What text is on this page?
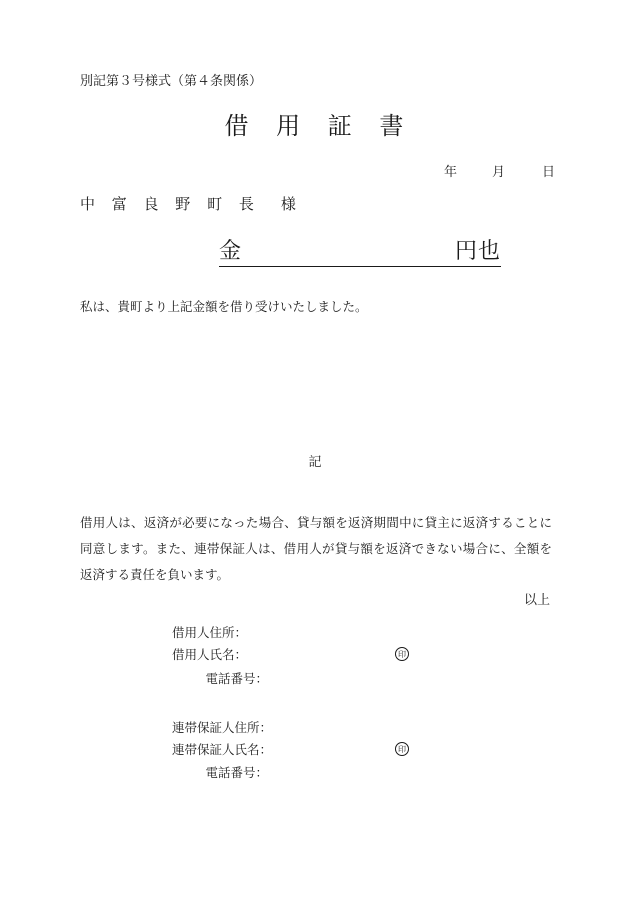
別記第３号様式（第４条関係）
借 用 証 書
年	月	日
中 富 良 野 町 長　様
金	円也
私は、貴町より上記金額を借り受けいたしました。
記
借用人は、返済が必要になった場合、貸与額を返済期間中に貸主に返済することに同意します。また、連帯保証人は、借用人が貸与額を返済できない場合に、全額を返済する責任を負います。
以上
借用人住所：
借用人氏名：	印
電話番号：
連帯保証人住所：
連帯保証人氏名：	印
電話番号：
